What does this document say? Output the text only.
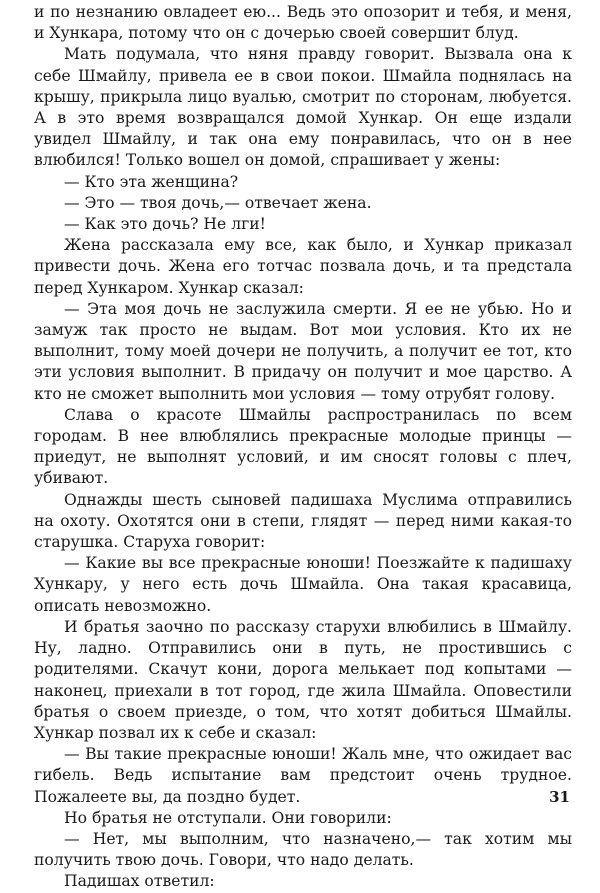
и по незнанию овладеет ею... Ведь это опозорит и тебя, и меня, и Хункара, потому что он с дочерью своей совершит блуд.

Мать подумала, что няня правду говорит. Вызвала она к себе Шмайлу, привела ее в свои покои. Шмайла поднялась на крышу, прикрыла лицо вуалью, смотрит по сторонам, любуется. А в это время возвращался домой Хункар. Он еще издали увидел Шмайлу, и так она ему понравилась, что он в нее влюбился! Только вошел он домой, спрашивает у жены:

— Кто эта женщина?

— Это — твоя дочь,— отвечает жена.

— Как это дочь? Не лги!

Жена рассказала ему все, как было, и Хункар приказал привести дочь. Жена его тотчас позвала дочь, и та предстала перед Хункаром. Хункар сказал:

— Эта моя дочь не заслужила смерти. Я ее не убью. Но и замуж так просто не выдам. Вот мои условия. Кто их не выполнит, тому моей дочери не получить, а получит ее тот, кто эти условия выполнит. В придачу он получит и мое царство. А кто не сможет выполнить мои условия — тому отрубят голову.

Слава о красоте Шмайлы распространилась по всем городам. В нее влюблялись прекрасные молодые принцы — приедут, не выполнят условий, и им сносят головы с плеч, убивают.

Однажды шесть сыновей падишаха Муслима отправились на охоту. Охотятся они в степи, глядят — перед ними какая-то старушка. Старуха говорит:

— Какие вы все прекрасные юноши! Поезжайте к падишаху Хункару, у него есть дочь Шмайла. Она такая красавица, описать невозможно.

И братья заочно по рассказу старухи влюбились в Шмайлу. Ну, ладно. Отправились они в путь, не простившись с родителями. Скачут кони, дорога мелькает под копытами — наконец, приехали в тот город, где жила Шмайла. Оповестили братья о своем приезде, о том, что хотят добиться Шмайлы. Хункар позвал их к себе и сказал:

— Вы такие прекрасные юноши! Жаль мне, что ожидает вас гибель. Ведь испытание вам предстоит очень трудное. Пожалеете вы, да поздно будет.

Но братья не отступали. Они говорили:

— Нет, мы выполним, что назначено,— так хотим мы получить твою дочь. Говори, что надо делать.

Падишах ответил:

31
